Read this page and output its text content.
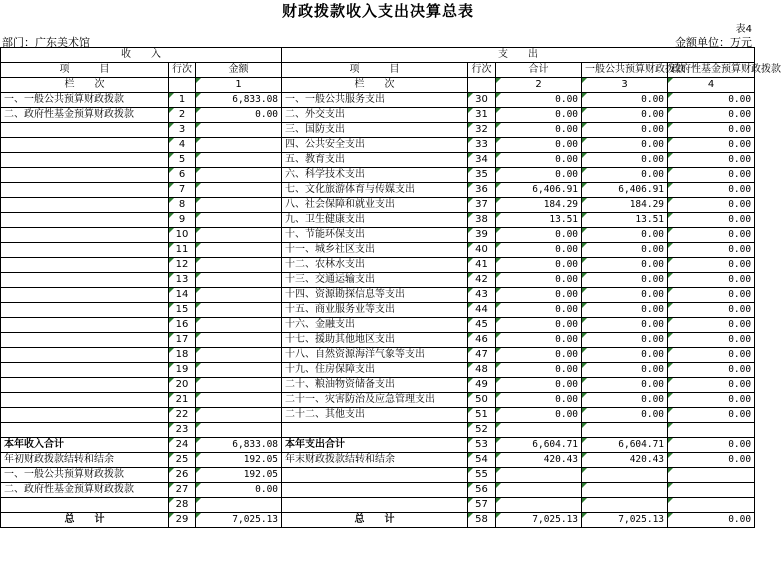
财政拨款收入支出决算总表
表4
部门：广东美术馆	金额单位：万元
收　　入			支　　出				
项　　　目	行次	金额	项　　　目	行次	合计	一般公共预算财政拨款	政府性基金预算财政拨款
栏　　次		1	栏　　次		2	3	4
一、一般公共预算财政拨款	1	6,833.08	一、一般公共服务支出	30	0.00	0.00	0.00
二、政府性基金预算财政拨款	2	0.00	二、外交支出	31	0.00	0.00	0.00
	3		三、国防支出	32	0.00	0.00	0.00
	4		四、公共安全支出	33	0.00	0.00	0.00
	5		五、教育支出	34	0.00	0.00	0.00
	6		六、科学技术支出	35	0.00	0.00	0.00
	7		七、文化旅游体育与传媒支出	36	6,406.91	6,406.91	0.00
	8		八、社会保障和就业支出	37	184.29	184.29	0.00
	9		九、卫生健康支出	38	13.51	13.51	0.00
	10		十、节能环保支出	39	0.00	0.00	0.00
	11		十一、城乡社区支出	40	0.00	0.00	0.00
	12		十二、农林水支出	41	0.00	0.00	0.00
	13		十三、交通运输支出	42	0.00	0.00	0.00
	14		十四、资源勘探信息等支出	43	0.00	0.00	0.00
	15		十五、商业服务业等支出	44	0.00	0.00	0.00
	16		十六、金融支出	45	0.00	0.00	0.00
	17		十七、援助其他地区支出	46	0.00	0.00	0.00
	18		十八、自然资源海洋气象等支出	47	0.00	0.00	0.00
	19		十九、住房保障支出	48	0.00	0.00	0.00
	20		二十、粮油物资储备支出	49	0.00	0.00	0.00
	21		二十一、灾害防治及应急管理支出	50	0.00	0.00	0.00
	22		二十二、其他支出	51	0.00	0.00	0.00
	23			52			
本年收入合计	24	6,833.08	本年支出合计	53	6,604.71	6,604.71	0.00
年初财政拨款结转和结余	25	192.05	年末财政拨款结转和结余	54	420.43	420.43	0.00
一、一般公共预算财政拨款	26	192.05		55			
二、政府性基金预算财政拨款	27	0.00		56			
	28			57			
总　　计	29	7,025.13	总　　计	58	7,025.13	7,025.13	0.00
